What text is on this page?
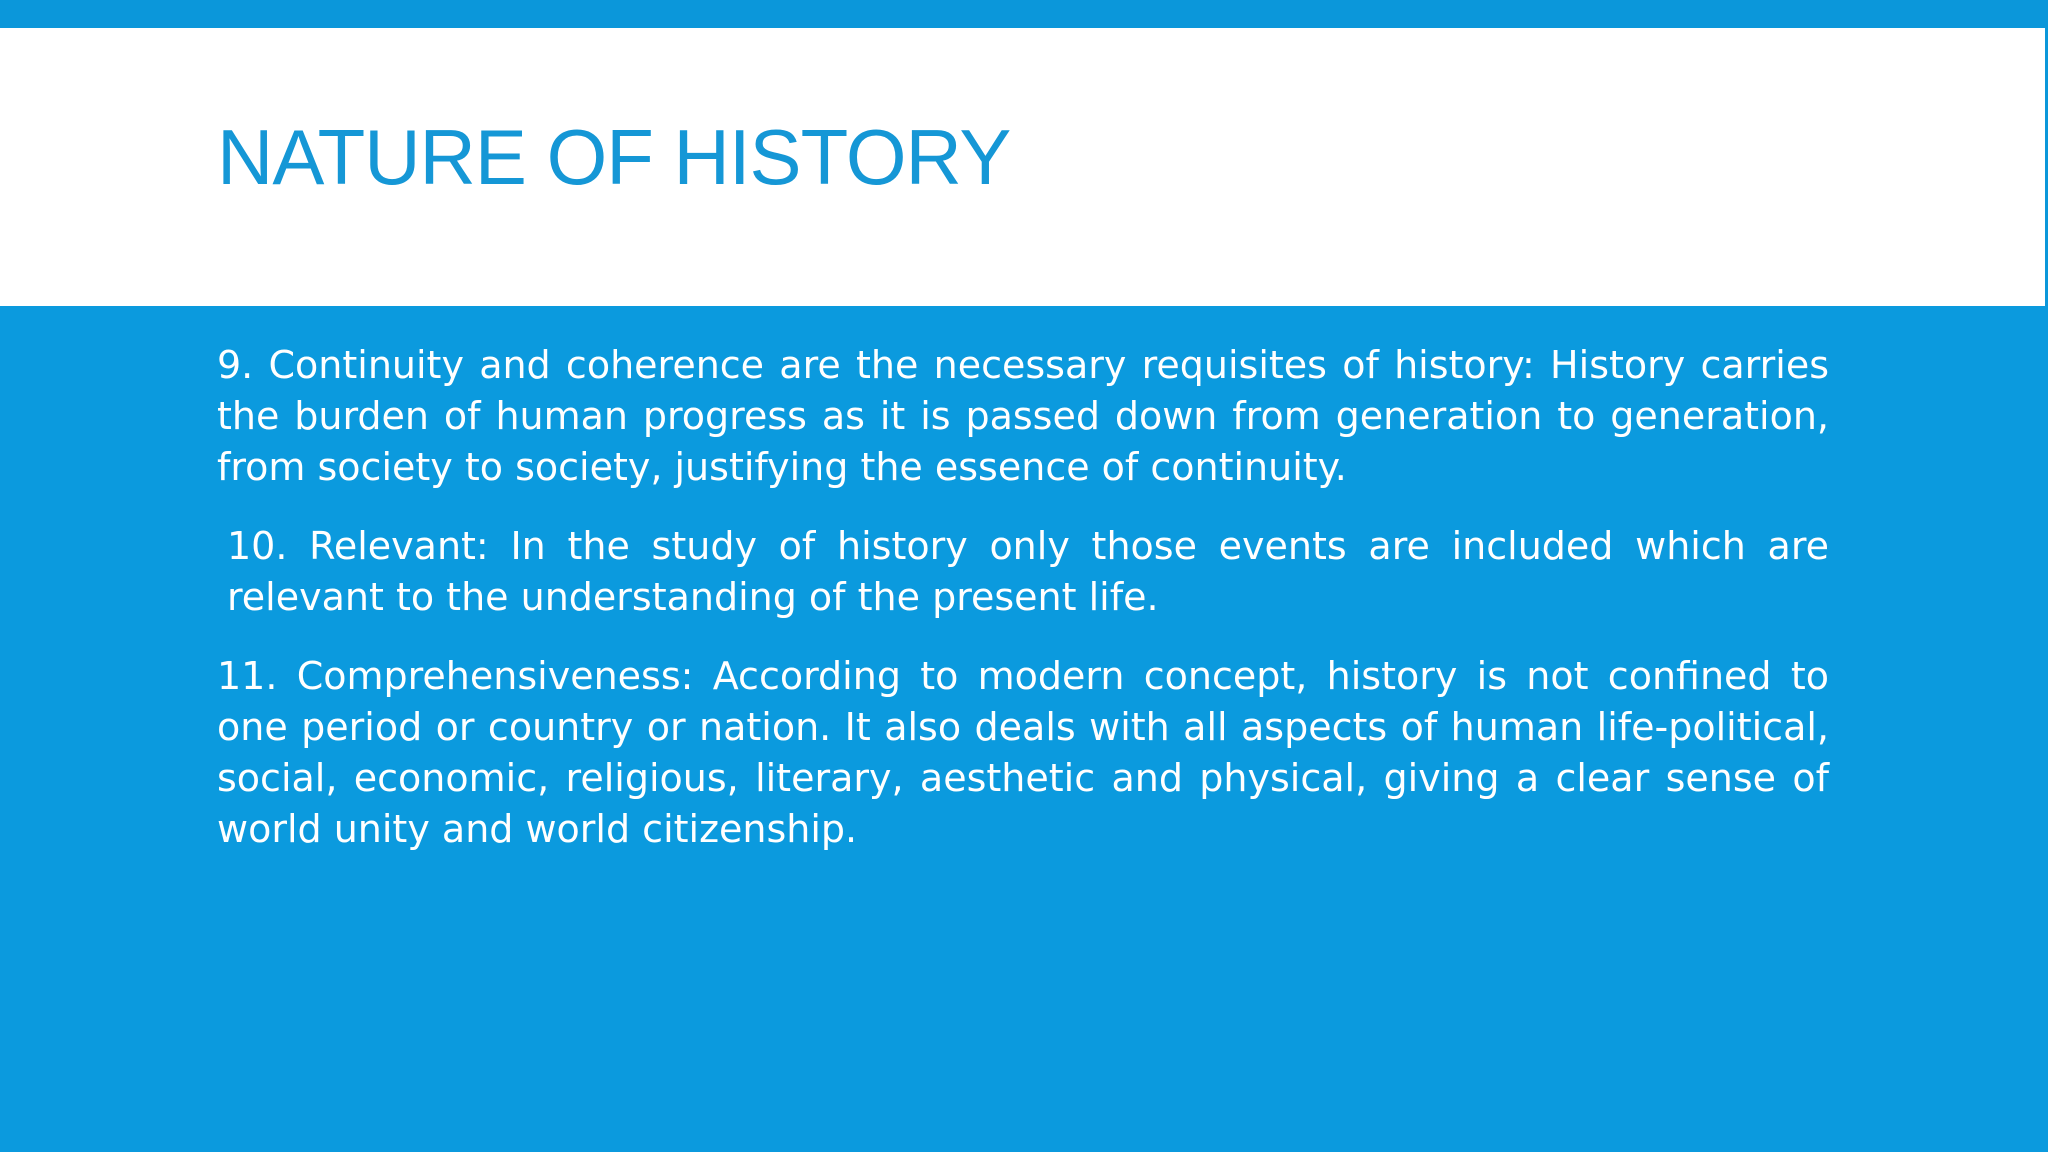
NATURE OF HISTORY

9. Continuity and coherence are the necessary requisites of history: History carries the burden of human progress as it is passed down from generation to generation, from society to society, justifying the essence of continuity.

10. Relevant: In the study of history only those events are included which are relevant to the understanding of the present life.

11. Comprehensiveness: According to modern concept, history is not confined to one period or country or nation. It also deals with all aspects of human life-political, social, economic, religious, literary, aesthetic and physical, giving a clear sense of world unity and world citizenship.
